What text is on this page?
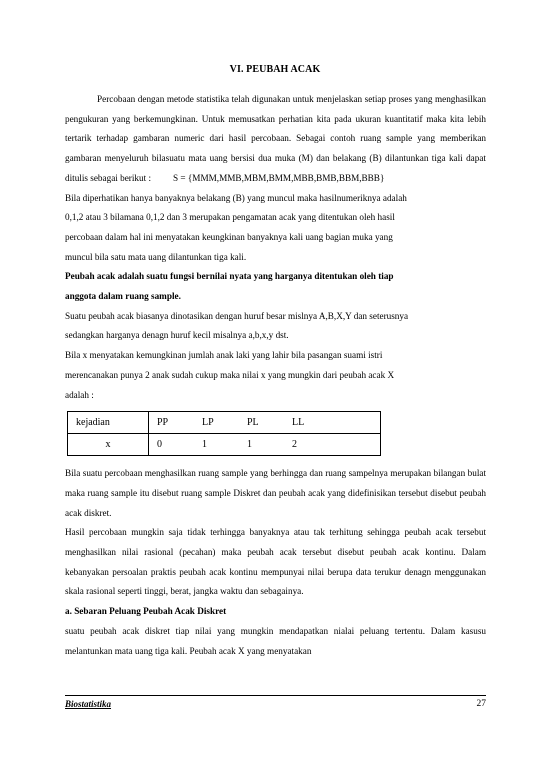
VI. PEUBAH ACAK

Percobaan dengan metode statistika telah digunakan untuk menjelaskan setiap proses yang menghasilkan pengukuran yang berkemungkinan. Untuk memusatkan perhatian kita pada ukuran kuantitatif maka kita lebih tertarik terhadap gambaran numeric dari hasil percobaan. Sebagai contoh ruang sample yang memberikan gambaran menyeluruh bilasuatu mata uang bersisi dua muka (M) dan belakang (B) dilantunkan tiga kali dapat ditulis sebagai berikut : S = {MMM,MMB,MBM,BMM,MBB,BMB,BBM,BBB}

Bila diperhatikan hanya banyaknya belakang (B) yang muncul maka hasilnumeriknya adalah

0,1,2 atau 3 bilamana 0,1,2 dan 3 merupakan pengamatan acak yang ditentukan oleh hasil

percobaan dalam hal ini menyatakan keungkinan banyaknya kali uang bagian muka yang

muncul bila satu mata uang dilantunkan tiga kali.

Peubah acak adalah suatu fungsi bernilai nyata yang harganya ditentukan oleh tiap

anggota dalam ruang sample.

Suatu peubah acak biasanya dinotasikan dengan huruf besar mislnya A,B,X,Y dan seterusnya

sedangkan harganya denagn huruf kecil misalnya a,b,x,y dst.

Bila x menyatakan kemungkinan jumlah anak laki yang lahir bila pasangan suami istri

merencanakan punya 2 anak sudah cukup maka nilai x yang mungkin dari peubah acak X

adalah :

kejadian	PP LP PL LL
x	0 1 1 2

Bila suatu percobaan menghasilkan ruang sample yang berhingga dan ruang sampelnya merupakan bilangan bulat maka ruang sample itu disebut ruang sample Diskret dan peubah acak yang didefinisikan tersebut disebut peubah acak diskret.

Hasil percobaan mungkin saja tidak terhingga banyaknya atau tak terhitung sehingga peubah acak tersebut menghasilkan nilai rasional (pecahan) maka peubah acak tersebut disebut peubah acak kontinu. Dalam kebanyakan persoalan praktis peubah acak kontinu mempunyai nilai berupa data terukur denagn menggunakan skala rasional seperti tinggi, berat, jangka waktu dan sebagainya.

a. Sebaran Peluang Peubah Acak Diskret

suatu peubah acak diskret tiap nilai yang mungkin mendapatkan nialai peluang tertentu. Dalam kasusu melantunkan mata uang tiga kali. Peubah acak X yang menyatakan

Biostatistika	27
